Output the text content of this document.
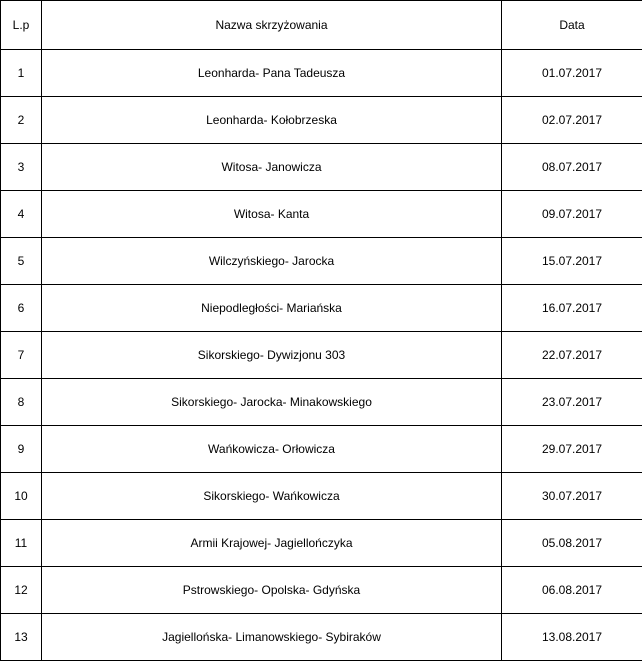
L.p	Nazwa skrzyżowania	Data
1	Leonharda- Pana Tadeusza	01.07.2017
2	Leonharda- Kołobrzeska	02.07.2017
3	Witosa- Janowicza	08.07.2017
4	Witosa- Kanta	09.07.2017
5	Wilczyńskiego- Jarocka	15.07.2017
6	Niepodległości- Mariańska	16.07.2017
7	Sikorskiego- Dywizjonu 303	22.07.2017
8	Sikorskiego- Jarocka- Minakowskiego	23.07.2017
9	Wańkowicza- Orłowicza	29.07.2017
10	Sikorskiego- Wańkowicza	30.07.2017
11	Armii Krajowej- Jagiellończyka	05.08.2017
12	Pstrowskiego- Opolska- Gdyńska	06.08.2017
13	Jagiellońska- Limanowskiego- Sybiraków	13.08.2017
